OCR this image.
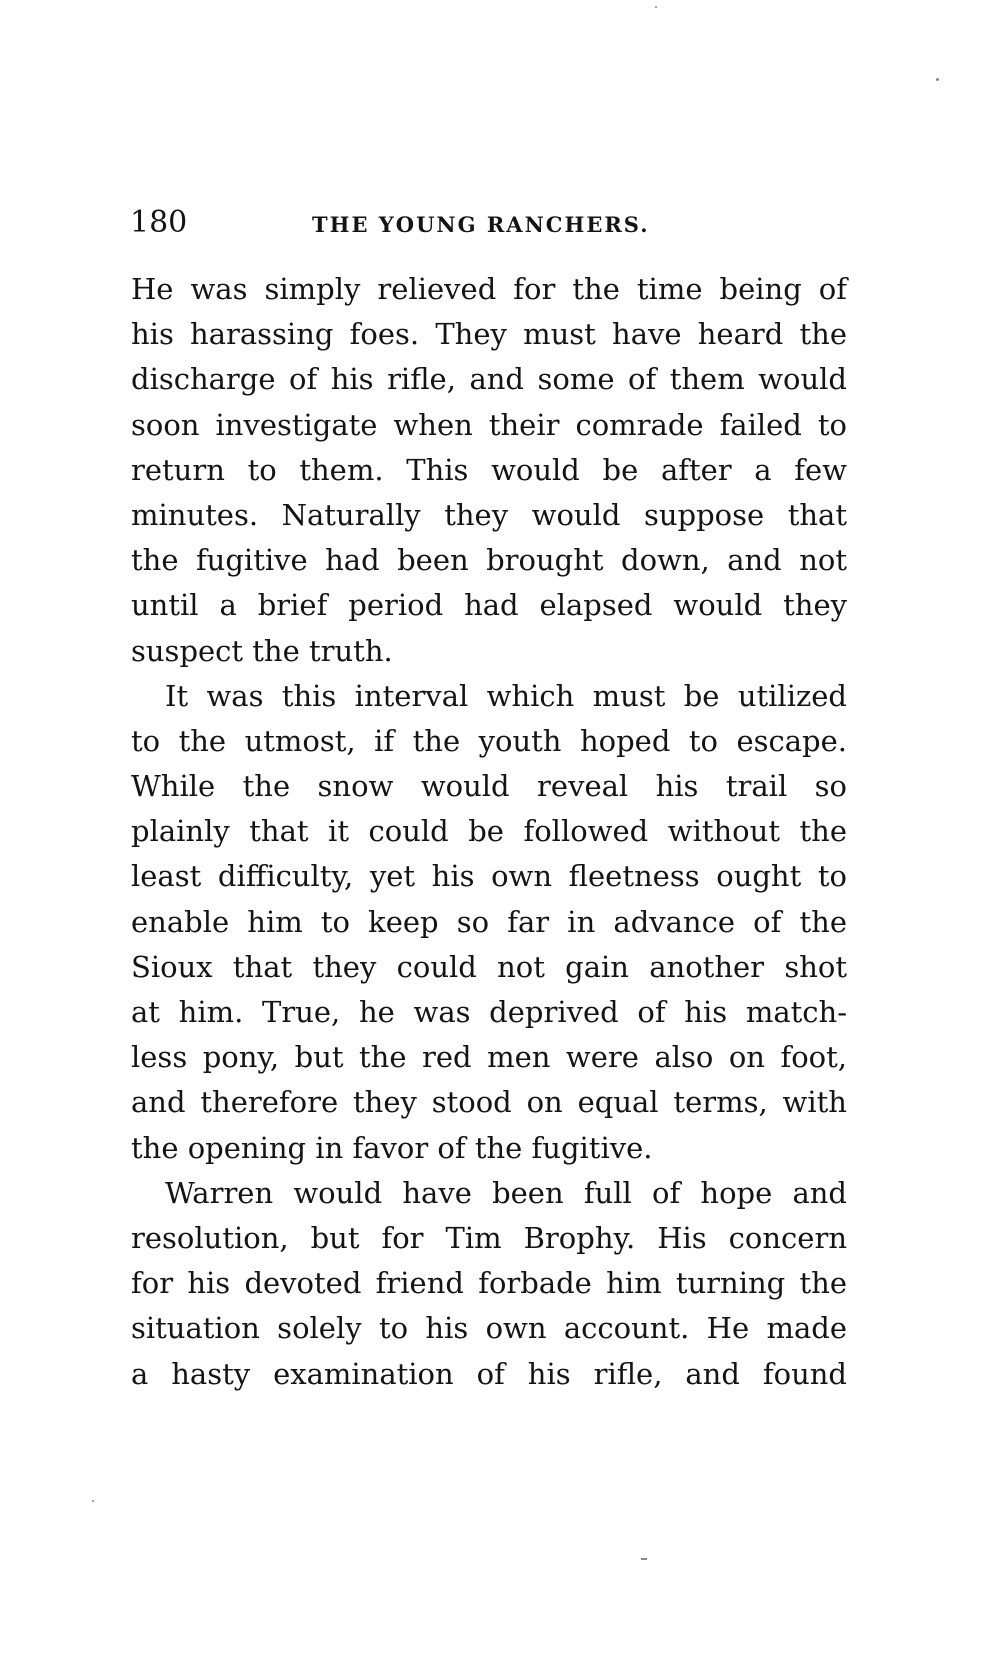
180	THE YOUNG RANCHERS.
He was simply relieved for the time being of
his harassing foes. They must have heard the
discharge of his rifle, and some of them would
soon investigate when their comrade failed to
return to them. This would be after a few
minutes. Naturally they would suppose that
the fugitive had been brought down, and not
until a brief period had elapsed would they
suspect the truth.
It was this interval which must be utilized
to the utmost, if the youth hoped to escape.
While the snow would reveal his trail so
plainly that it could be followed without the
least difficulty, yet his own fleetness ought to
enable him to keep so far in advance of the
Sioux that they could not gain another shot
at him. True, he was deprived of his match-
less pony, but the red men were also on foot,
and therefore they stood on equal terms, with
the opening in favor of the fugitive.
Warren would have been full of hope and
resolution, but for Tim Brophy. His concern
for his devoted friend forbade him turning the
situation solely to his own account. He made
a hasty examination of his rifle, and found
